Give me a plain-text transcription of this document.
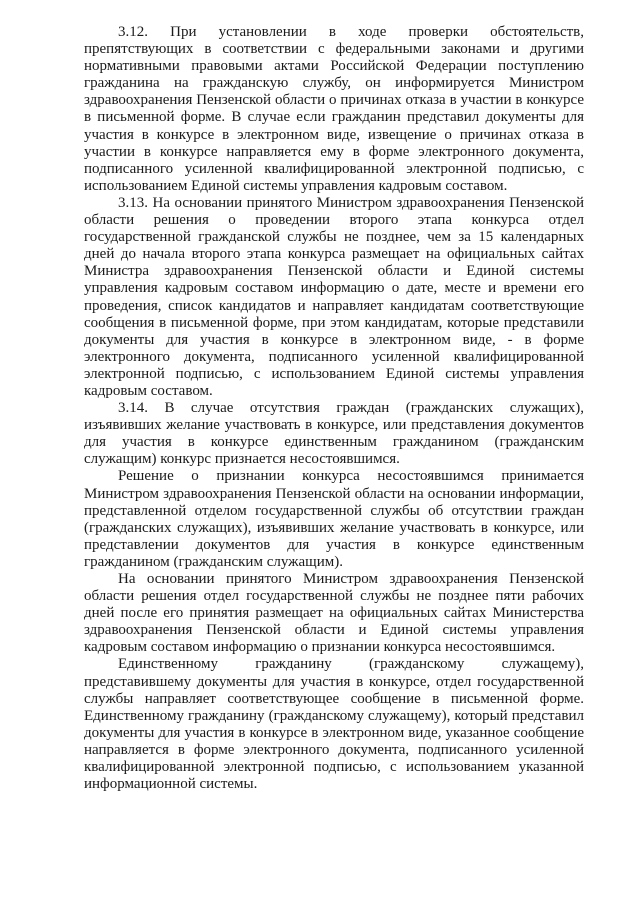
3.12. При установлении в ходе проверки обстоятельств, препятствующих в соответствии с федеральными законами и другими нормативными правовыми актами Российской Федерации поступлению гражданина на гражданскую службу, он информируется Министром здравоохранения Пензенской области о причинах отказа в участии в конкурсе в письменной форме. В случае если гражданин представил документы для участия в конкурсе в электронном виде, извещение о причинах отказа в участии в конкурсе направляется ему в форме электронного документа, подписанного усиленной квалифицированной электронной подписью, с использованием Единой системы управления кадровым составом.

3.13. На основании принятого Министром здравоохранения Пензенской области решения о проведении второго этапа конкурса отдел государственной гражданской службы не позднее, чем за 15 календарных дней до начала второго этапа конкурса размещает на официальных сайтах Министра здравоохранения Пензенской области и Единой системы управления кадровым составом информацию о дате, месте и времени его проведения, список кандидатов и направляет кандидатам соответствующие сообщения в письменной форме, при этом кандидатам, которые представили документы для участия в конкурсе в электронном виде, - в форме электронного документа, подписанного усиленной квалифицированной электронной подписью, с использованием Единой системы управления кадровым составом.

3.14. В случае отсутствия граждан (гражданских служащих), изъявивших желание участвовать в конкурсе, или представления документов для участия в конкурсе единственным гражданином (гражданским служащим) конкурс признается несостоявшимся.

Решение о признании конкурса несостоявшимся принимается Министром здравоохранения Пензенской области на основании информации, представленной отделом государственной службы об отсутствии граждан (гражданских служащих), изъявивших желание участвовать в конкурсе, или представлении документов для участия в конкурсе единственным гражданином (гражданским служащим).

На основании принятого Министром здравоохранения Пензенской области решения отдел государственной службы не позднее пяти рабочих дней после его принятия размещает на официальных сайтах Министерства здравоохранения Пензенской области и Единой системы управления кадровым составом информацию о признании конкурса несостоявшимся.

Единственному гражданину (гражданскому служащему), представившему документы для участия в конкурсе, отдел государственной службы направляет соответствующее сообщение в письменной форме. Единственному гражданину (гражданскому служащему), который представил документы для участия в конкурсе в электронном виде, указанное сообщение направляется в форме электронного документа, подписанного усиленной квалифицированной электронной подписью, с использованием указанной информационной системы.
